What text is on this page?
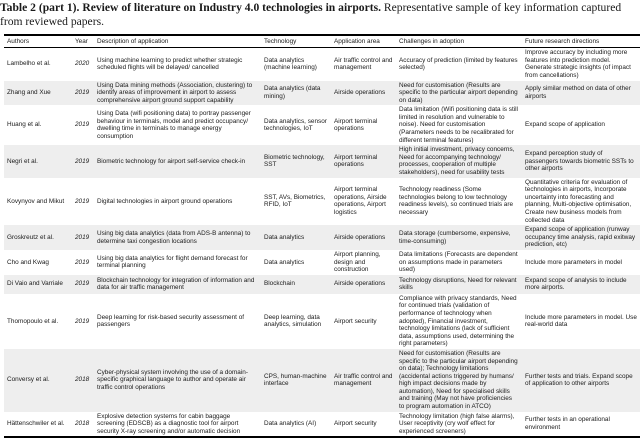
Table 2 (part 1). Review of literature on Industry 4.0 technologies in airports. Representative sample of key information captured from reviewed papers.
Authors	Year	Description of application	Technology	Application area	Challenges in adoption	Future research directions
Lambelho et al.	2020	Using machine learning to predict whether strategic scheduled flights will be delayed/ cancelled	Data analytics (machine learning)	Air traffic control and management	Accuracy of prediction (limited by features selected)	Improve accuracy by including more features into prediction model. Generate strategic insights (of impact from cancellations)
Zhang and Xue	2019	Using Data mining methods (Association, clustering) to identify areas of improvement in airport to assess comprehensive airport ground support capability	Data analytics (data mining)	Airside operations	Need for customisation (Results are specific to the particular airport depending on data)	Apply similar method on data of other airports
Huang et al.	2019	Using Data (wifi positioning data) to portray passenger behaviour in terminals, model and predict occupancy/ dwelling time in terminals to manage energy consumption	Data analytics, sensor technologies, IoT	Airport terminal operations	Data limitation (Wifi positioning data is still limited in resolution and vulnerable to noise). Need for customisation (Parameters needs to be recalibrated for different terminal features)	Expand scope of application
Negri et al.	2019	Biometric technology for airport self-service check-in	Biometric technology, SST	Airport terminal operations	High initial investment, privacy concerns, Need for accompanying technology/ processes, cooperation of multiple stakeholders), need for usability tests	Expand perception study of passengers towards biometric SSTs to other airports
Kovynyov and Mikut	2019	Digital technologies in airport ground operations	SST, AVs, Biometrics, RFID, IoT	Airport terminal operations, Airside operations, Airport logistics	Technology readiness (Some technologies belong to low technology readiness levels), so continued trials are necessary	Quantitative criteria for evaluation of technologies in airports, Incorporate uncertainty into forecasting and planning, Multi-objective optimisation, Create new business models from collected data
Groskreutz et al.	2019	Using big data analytics (data from ADS-B antenna) to determine taxi congestion locations	Data analytics	Airside operations	Data storage (cumbersome, expensive, time-consuming)	Expand scope of application (runway occupancy time analysis, rapid exitway prediction, etc)
Cho and Kwag	2019	Using big data analytics for flight demand forecast for terminal planning	Data analytics	Airport planning, design and construction	Data limitations (Forecasts are dependent on assumptions made in parameters used)	Include more parameters in model
Di Vaio and Varriale	2019	Blockchain technology for integration of information and data for air traffic management	Blockchain	Airside operations	Technology disruptions, Need for relevant skills	Expand scope of analysis to include more airports.
Thomopoulo et al.	2019	Deep learning for risk-based security assessment of passengers	Deep learning, data analytics, simulation	Airport security	Compliance with privacy standards, Need for continued trials (validation of performance of technology when adopted), Financial investment, technology limitations (lack of sufficient data, assumptions used, determining the right parameters)	Include more parameters in model. Use real-world data
Conversy et al.	2018	Cyber-physical system involving the use of a domain-specific graphical language to author and operate air traffic control operations	CPS, human-machine interface	Air traffic control and management	Need for customisation (Results are specific to the particular airport depending on data); Technology limitations (accidental actions triggered by humans/ high impact decisions made by automation), Need for specialised skills and training (May not have proficiencies to program automation in ATCO)	Further tests and trials. Expand scope of application to other airports
Hättenschwiler et al.	2018	Explosive detection systems for cabin baggage screening (EDSCB) as a diagnostic tool for airport security X-ray screening and/or automatic decision	Data analytics (AI)	Airport security	Technology limitation (high false alarms), User receptivity (cry wolf effect for experienced screeners)	Further tests in an operational environment
